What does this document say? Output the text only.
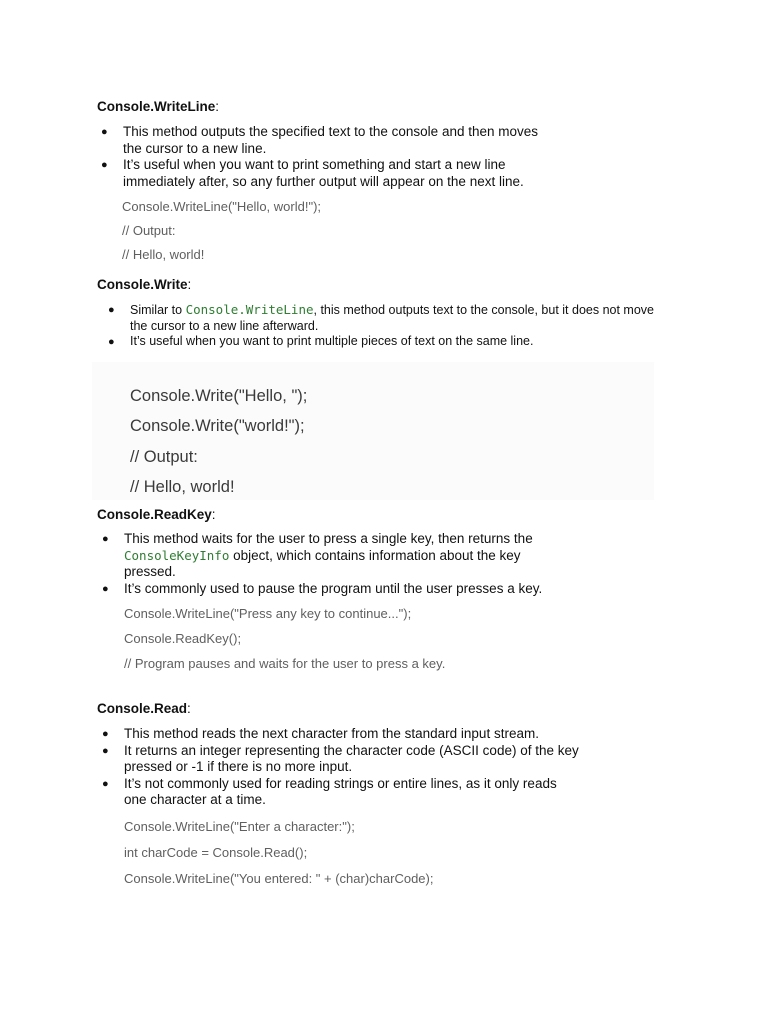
Console.WriteLine:
● This method outputs the specified text to the console and then moves the cursor to a new line.
● It’s useful when you want to print something and start a new line immediately after, so any further output will appear on the next line.
Console.WriteLine("Hello, world!");
// Output:
// Hello, world!
Console.Write:
● Similar to Console.WriteLine, this method outputs text to the console, but it does not move the cursor to a new line afterward.
● It’s useful when you want to print multiple pieces of text on the same line.
Console.Write("Hello, ");
Console.Write("world!");
// Output:
// Hello, world!
Console.ReadKey:
● This method waits for the user to press a single key, then returns the ConsoleKeyInfo object, which contains information about the key pressed.
● It’s commonly used to pause the program until the user presses a key.
Console.WriteLine("Press any key to continue...");
Console.ReadKey();
// Program pauses and waits for the user to press a key.
Console.Read:
● This method reads the next character from the standard input stream.
● It returns an integer representing the character code (ASCII code) of the key pressed or -1 if there is no more input.
● It’s not commonly used for reading strings or entire lines, as it only reads one character at a time.
Console.WriteLine("Enter a character:");
int charCode = Console.Read();
Console.WriteLine("You entered: " + (char)charCode);
